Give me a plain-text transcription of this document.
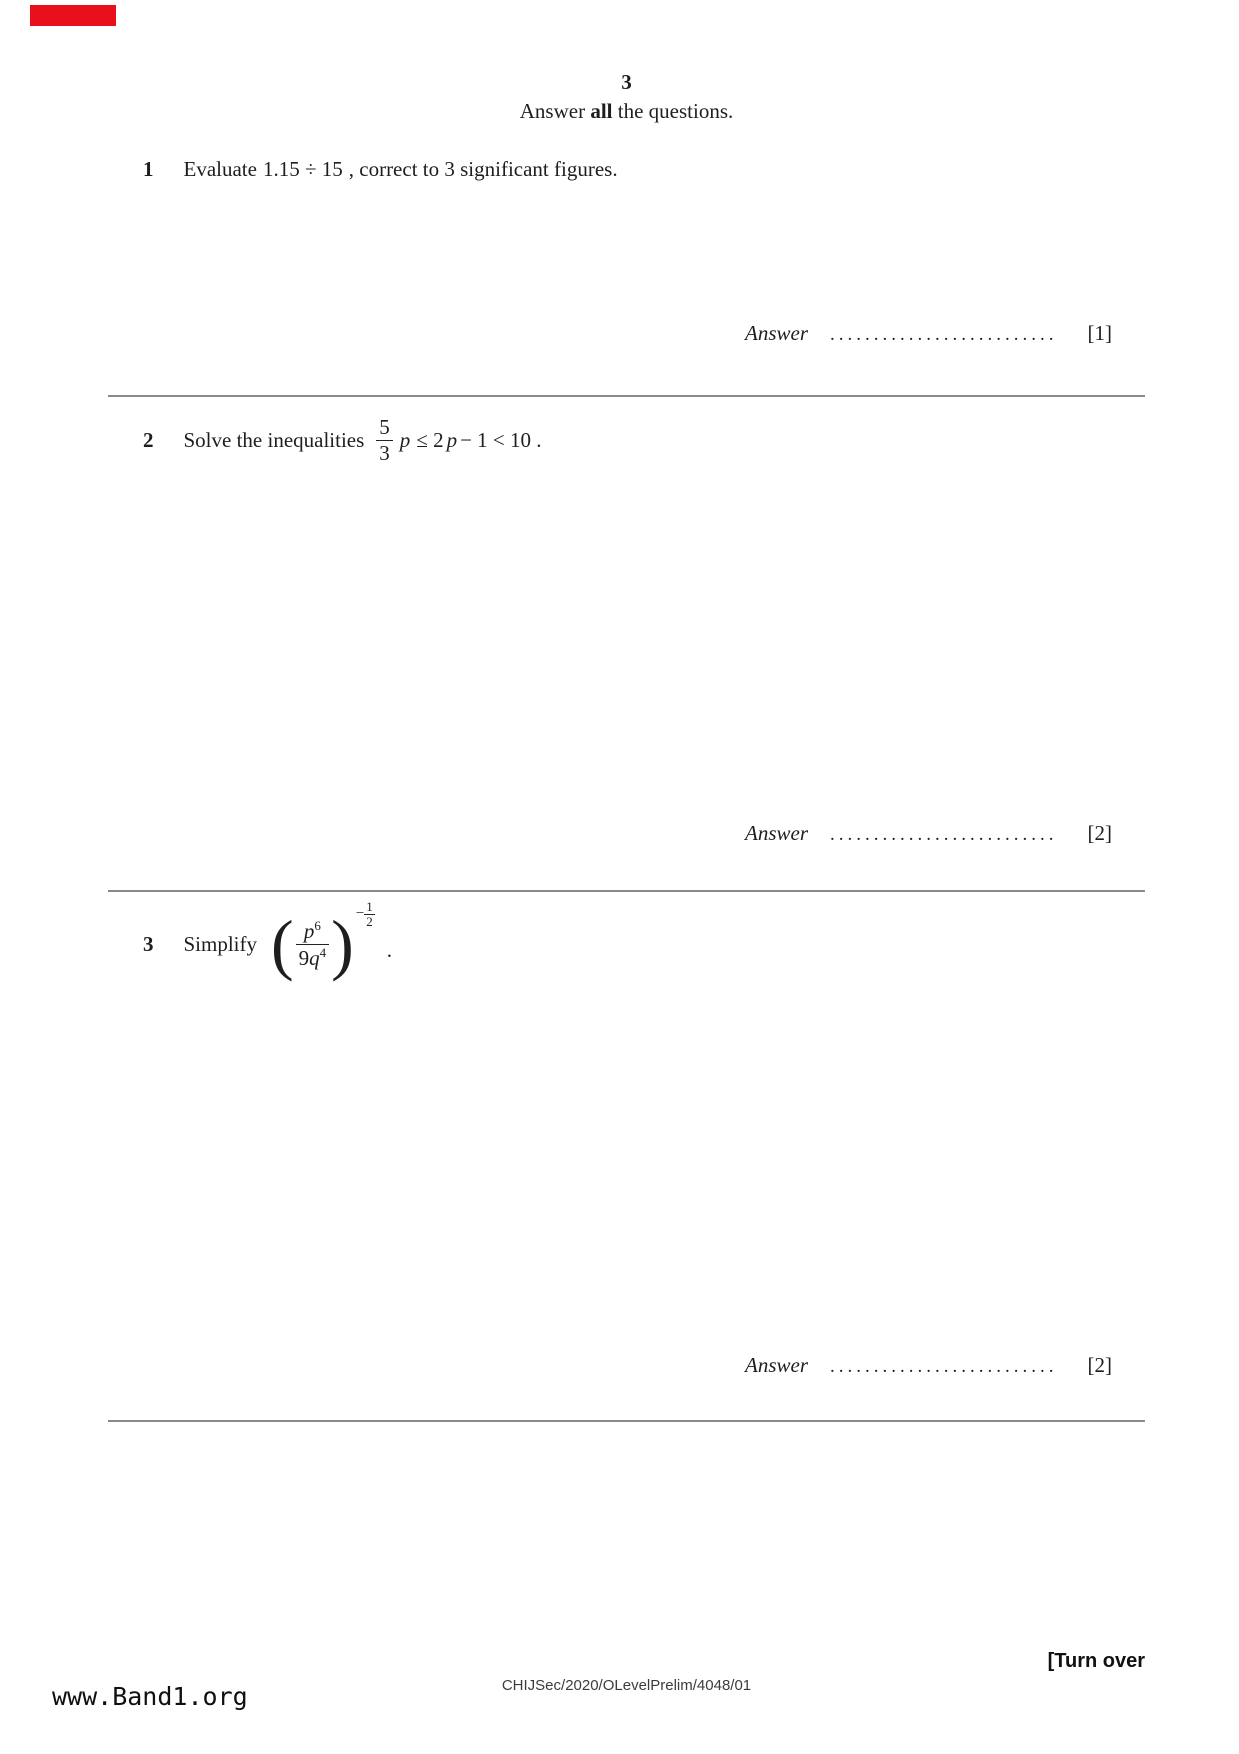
3
Answer all the questions.
1 Evaluate 1.15 ÷ 15 , correct to 3 significant figures.
Answer .......................... [1]
2 Solve the inequalities $\frac{5}{3}$ p ≤ 2 p − 1 < 10 .
Answer .......................... [2]
3 Simplify ( $\frac{p^6}{9q^4}$ ) − $\frac{1}{2}$
.
Answer .......................... [2]
[Turn over
CHIJSec/2020/OLevelPrelim/4048/01
www.Band1.org
